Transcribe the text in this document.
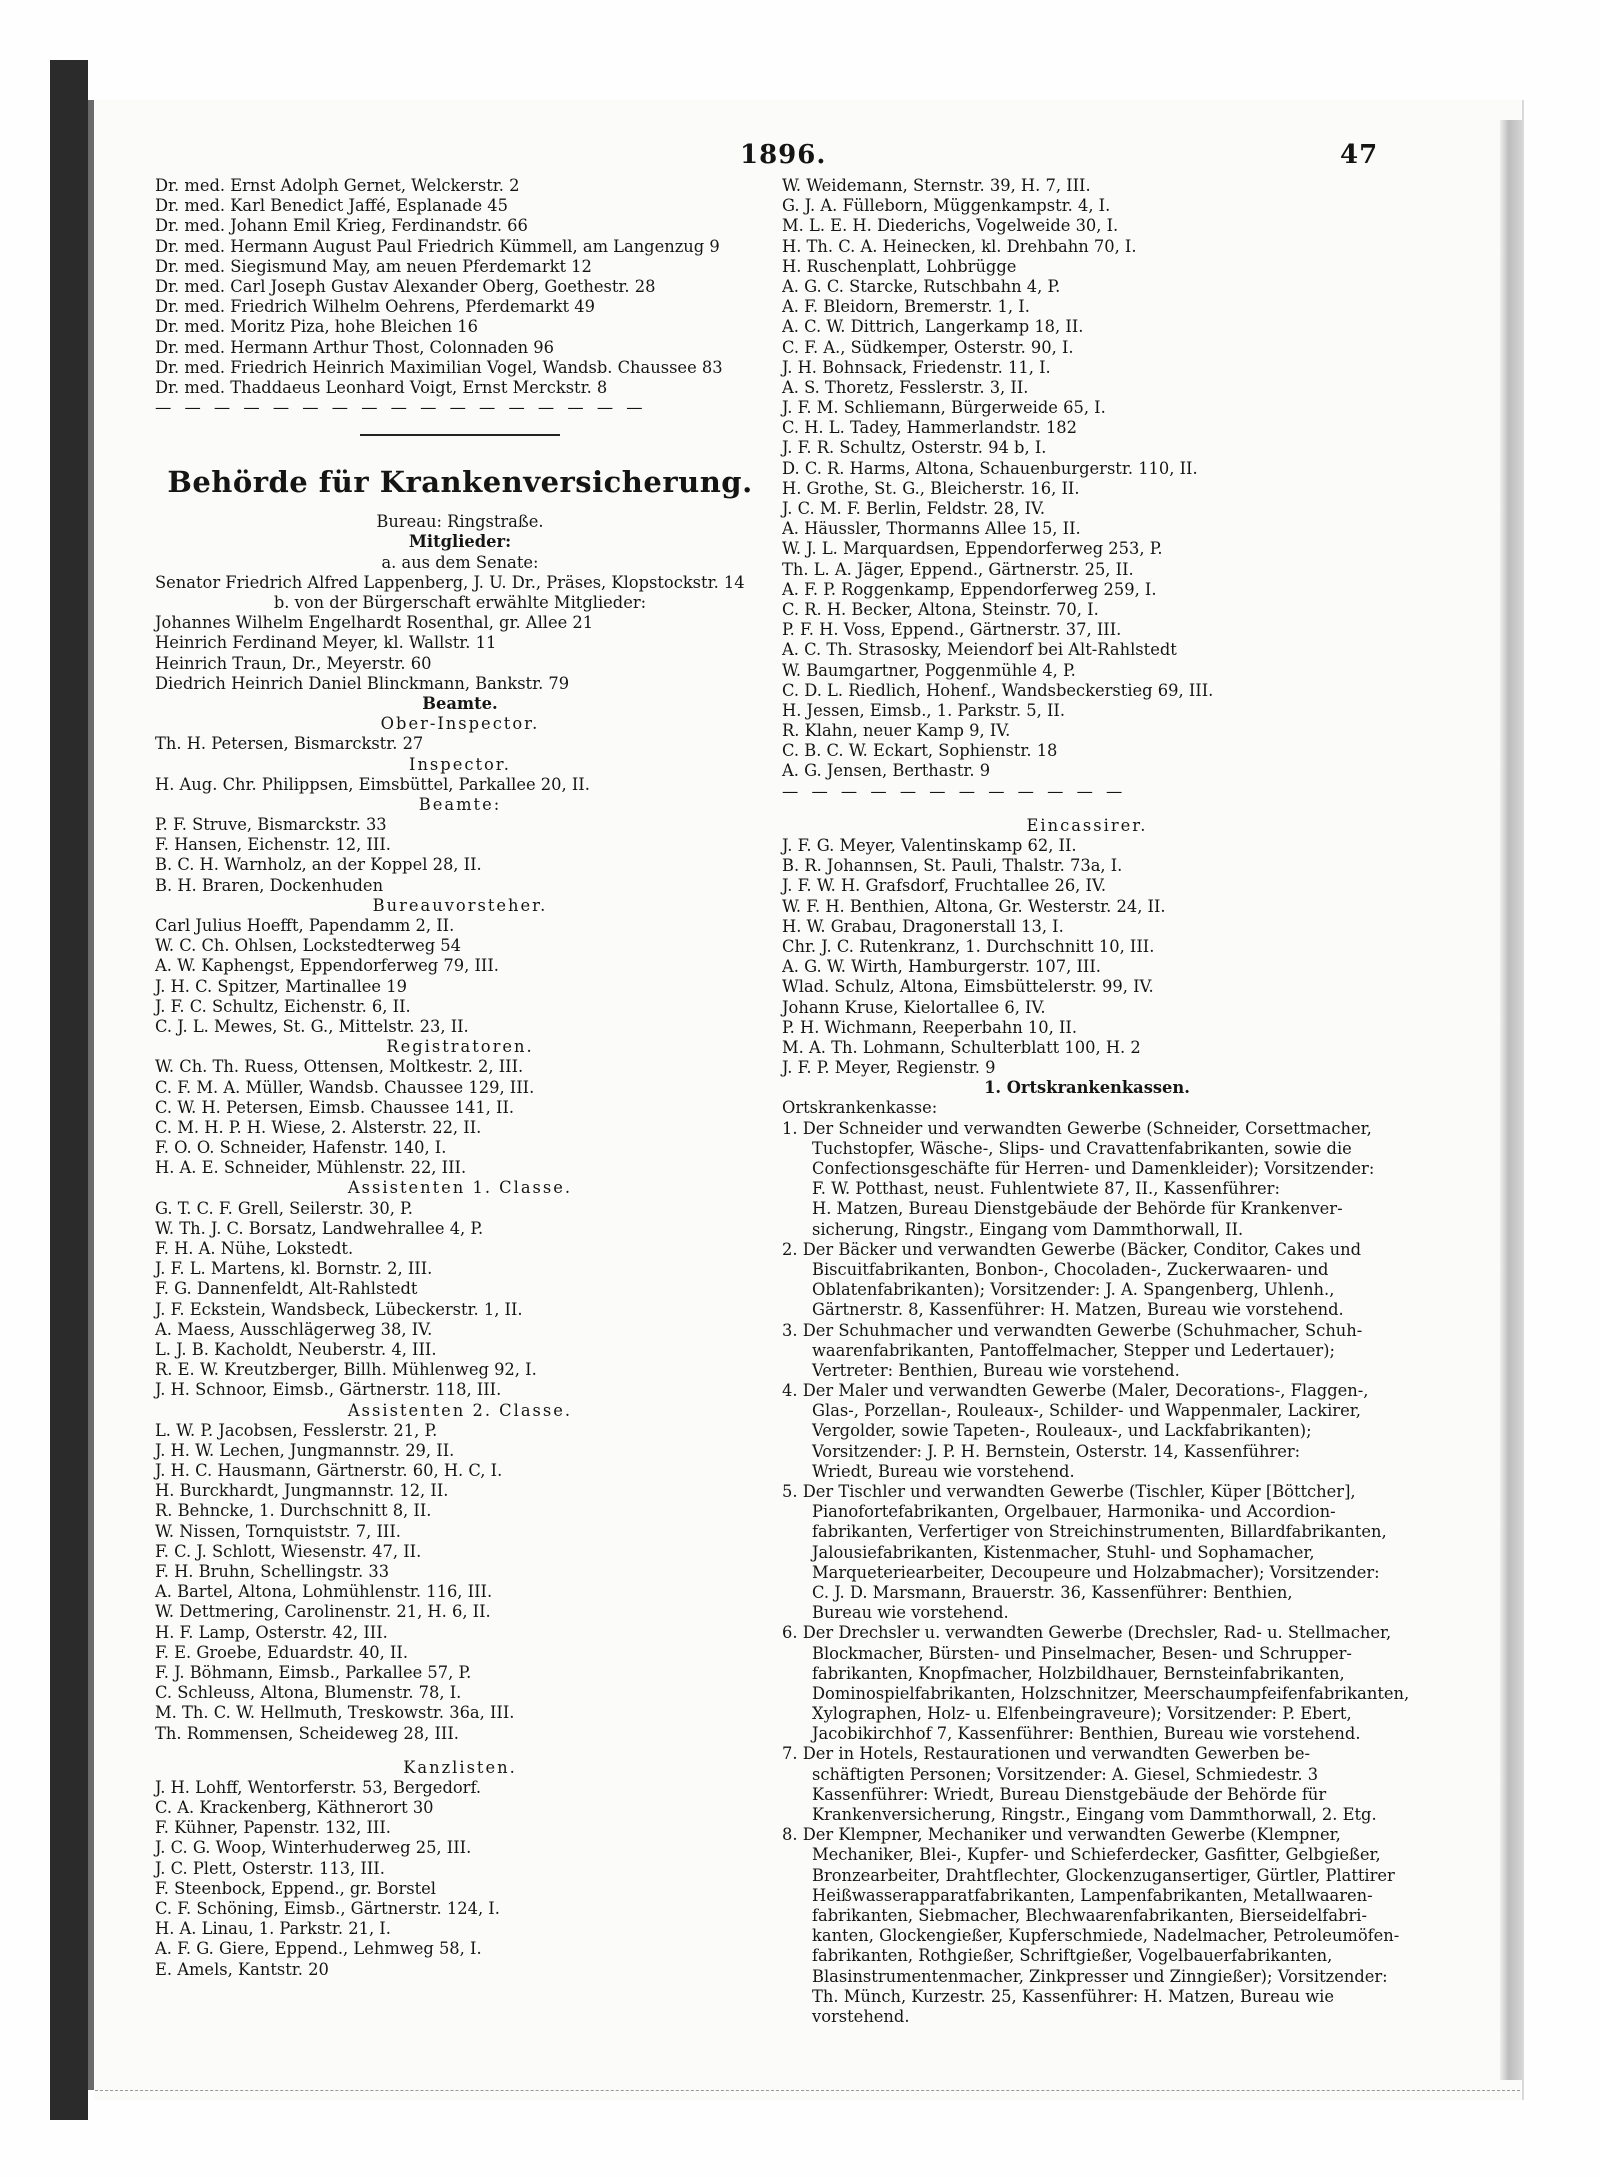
1896.	47
Dr. med. Ernst Adolph Gernet, Welckerstr. 2
Dr. med. Karl Benedict Jaffé, Esplanade 45
Dr. med. Johann Emil Krieg, Ferdinandstr. 66
Dr. med. Hermann August Paul Friedrich Kümmell, am Langenzug 9
Dr. med. Siegismund May, am neuen Pferdemarkt 12
Dr. med. Carl Joseph Gustav Alexander Oberg, Goethestr. 28
Dr. med. Friedrich Wilhelm Oehrens, Pferdemarkt 49
Dr. med. Moritz Piza, hohe Bleichen 16
Dr. med. Hermann Arthur Thost, Colonnaden 96
Dr. med. Friedrich Heinrich Maximilian Vogel, Wandsb. Chaussee 83
Dr. med. Thaddaeus Leonhard Voigt, Ernst Merckstr. 8
— — — — — — — — — — — — — — — — —
Behörde für Krankenversicherung.
Bureau: Ringstraße.
Mitglieder:
a. aus dem Senate:
Senator Friedrich Alfred Lappenberg, J. U. Dr., Präses, Klopstockstr. 14
b. von der Bürgerschaft erwählte Mitglieder:
Johannes Wilhelm Engelhardt Rosenthal, gr. Allee 21
Heinrich Ferdinand Meyer, kl. Wallstr. 11
Heinrich Traun, Dr., Meyerstr. 60
Diedrich Heinrich Daniel Blinckmann, Bankstr. 79
Beamte.
Ober-Inspector.
Th. H. Petersen, Bismarckstr. 27
Inspector.
H. Aug. Chr. Philippsen, Eimsbüttel, Parkallee 20, II.
Beamte:
P. F. Struve, Bismarckstr. 33
F. Hansen, Eichenstr. 12, III.
B. C. H. Warnholz, an der Koppel 28, II.
B. H. Braren, Dockenhuden
Bureauvorsteher.
Carl Julius Hoefft, Papendamm 2, II.
W. C. Ch. Ohlsen, Lockstedterweg 54
A. W. Kaphengst, Eppendorferweg 79, III.
J. H. C. Spitzer, Martinallee 19
J. F. C. Schultz, Eichenstr. 6, II.
C. J. L. Mewes, St. G., Mittelstr. 23, II.
Registratoren.
W. Ch. Th. Ruess, Ottensen, Moltkestr. 2, III.
C. F. M. A. Müller, Wandsb. Chaussee 129, III.
C. W. H. Petersen, Eimsb. Chaussee 141, II.
C. M. H. P. H. Wiese, 2. Alsterstr. 22, II.
F. O. O. Schneider, Hafenstr. 140, I.
H. A. E. Schneider, Mühlenstr. 22, III.
Assistenten 1. Classe.
G. T. C. F. Grell, Seilerstr. 30, P.
W. Th. J. C. Borsatz, Landwehrallee 4, P.
F. H. A. Nühe, Lokstedt.
J. F. L. Martens, kl. Bornstr. 2, III.
F. G. Dannenfeldt, Alt-Rahlstedt
J. F. Eckstein, Wandsbeck, Lübeckerstr. 1, II.
A. Maess, Ausschlägerweg 38, IV.
L. J. B. Kacholdt, Neuberstr. 4, III.
R. E. W. Kreutzberger, Billh. Mühlenweg 92, I.
J. H. Schnoor, Eimsb., Gärtnerstr. 118, III.
Assistenten 2. Classe.
L. W. P. Jacobsen, Fesslerstr. 21, P.
J. H. W. Lechen, Jungmannstr. 29, II.
J. H. C. Hausmann, Gärtnerstr. 60, H. C, I.
H. Burckhardt, Jungmannstr. 12, II.
R. Behncke, 1. Durchschnitt 8, II.
W. Nissen, Tornquiststr. 7, III.
F. C. J. Schlott, Wiesenstr. 47, II.
F. H. Bruhn, Schellingstr. 33
A. Bartel, Altona, Lohmühlenstr. 116, III.
W. Dettmering, Carolinenstr. 21, H. 6, II.
H. F. Lamp, Osterstr. 42, III.
F. E. Groebe, Eduardstr. 40, II.
F. J. Böhmann, Eimsb., Parkallee 57, P.
C. Schleuss, Altona, Blumenstr. 78, I.
M. Th. C. W. Hellmuth, Treskowstr. 36a, III.
Th. Rommensen, Scheideweg 28, III.
Kanzlisten.
J. H. Lohff, Wentorferstr. 53, Bergedorf.
C. A. Krackenberg, Käthnerort 30
F. Kühner, Papenstr. 132, III.
J. C. G. Woop, Winterhuderweg 25, III.
J. C. Plett, Osterstr. 113, III.
F. Steenbock, Eppend., gr. Borstel
C. F. Schöning, Eimsb., Gärtnerstr. 124, I.
H. A. Linau, 1. Parkstr. 21, I.
A. F. G. Giere, Eppend., Lehmweg 58, I.
E. Amels, Kantstr. 20
W. Weidemann, Sternstr. 39, H. 7, III.
G. J. A. Fülleborn, Müggenkampstr. 4, I.
M. L. E. H. Diederichs, Vogelweide 30, I.
H. Th. C. A. Heinecken, kl. Drehbahn 70, I.
H. Ruschenplatt, Lohbrügge
A. G. C. Starcke, Rutschbahn 4, P.
A. F. Bleidorn, Bremerstr. 1, I.
A. C. W. Dittrich, Langerkamp 18, II.
C. F. A., Südkemper, Osterstr. 90, I.
J. H. Bohnsack, Friedenstr. 11, I.
A. S. Thoretz, Fesslerstr. 3, II.
J. F. M. Schliemann, Bürgerweide 65, I.
C. H. L. Tadey, Hammerlandstr. 182
J. F. R. Schultz, Osterstr. 94 b, I.
D. C. R. Harms, Altona, Schauenburgerstr. 110, II.
H. Grothe, St. G., Bleicherstr. 16, II.
J. C. M. F. Berlin, Feldstr. 28, IV.
A. Häussler, Thormanns Allee 15, II.
W. J. L. Marquardsen, Eppendorferweg 253, P.
Th. L. A. Jäger, Eppend., Gärtnerstr. 25, II.
A. F. P. Roggenkamp, Eppendorferweg 259, I.
C. R. H. Becker, Altona, Steinstr. 70, I.
P. F. H. Voss, Eppend., Gärtnerstr. 37, III.
A. C. Th. Strasosky, Meiendorf bei Alt-Rahlstedt
W. Baumgartner, Poggenmühle 4, P.
C. D. L. Riedlich, Hohenf., Wandsbeckerstieg 69, III.
H. Jessen, Eimsb., 1. Parkstr. 5, II.
R. Klahn, neuer Kamp 9, IV.
C. B. C. W. Eckart, Sophienstr. 18
A. G. Jensen, Berthastr. 9
— — — — — — — — — — — —
Eincassirer.
J. F. G. Meyer, Valentinskamp 62, II.
B. R. Johannsen, St. Pauli, Thalstr. 73a, I.
J. F. W. H. Grafsdorf, Fruchtallee 26, IV.
W. F. H. Benthien, Altona, Gr. Westerstr. 24, II.
H. W. Grabau, Dragonerstall 13, I.
Chr. J. C. Rutenkranz, 1. Durchschnitt 10, III.
A. G. W. Wirth, Hamburgerstr. 107, III.
Wlad. Schulz, Altona, Eimsbüttelerstr. 99, IV.
Johann Kruse, Kielortallee 6, IV.
P. H. Wichmann, Reeperbahn 10, II.
M. A. Th. Lohmann, Schulterblatt 100, H. 2
J. F. P. Meyer, Regienstr. 9
1. Ortskrankenkassen.
Ortskrankenkasse:
1. Der Schneider und verwandten Gewerbe (Schneider, Corsettmacher,
Tuchstopfer, Wäsche-, Slips- und Cravattenfabrikanten, sowie die
Confectionsgeschäfte für Herren- und Damenkleider); Vorsitzender:
F. W. Potthast, neust. Fuhlentwiete 87, II., Kassenführer:
H. Matzen, Bureau Dienstgebäude der Behörde für Krankenver-
sicherung, Ringstr., Eingang vom Dammthorwall, II.
2. Der Bäcker und verwandten Gewerbe (Bäcker, Conditor, Cakes und
Biscuitfabrikanten, Bonbon-, Chocoladen-, Zuckerwaaren- und
Oblatenfabrikanten); Vorsitzender: J. A. Spangenberg, Uhlenh.,
Gärtnerstr. 8, Kassenführer: H. Matzen, Bureau wie vorstehend.
3. Der Schuhmacher und verwandten Gewerbe (Schuhmacher, Schuh-
waarenfabrikanten, Pantoffelmacher, Stepper und Ledertauer);
Vertreter: Benthien, Bureau wie vorstehend.
4. Der Maler und verwandten Gewerbe (Maler, Decorations-, Flaggen-,
Glas-, Porzellan-, Rouleaux-, Schilder- und Wappenmaler, Lackirer,
Vergolder, sowie Tapeten-, Rouleaux-, und Lackfabrikanten);
Vorsitzender: J. P. H. Bernstein, Osterstr. 14, Kassenführer:
Wriedt, Bureau wie vorstehend.
5. Der Tischler und verwandten Gewerbe (Tischler, Küper [Böttcher],
Pianofortefabrikanten, Orgelbauer, Harmonika- und Accordion-
fabrikanten, Verfertiger von Streichinstrumenten, Billardfabrikanten,
Jalousiefabrikanten, Kistenmacher, Stuhl- und Sophamacher,
Marqueteriearbeiter, Decoupeure und Holzabmacher); Vorsitzender:
C. J. D. Marsmann, Brauerstr. 36, Kassenführer: Benthien,
Bureau wie vorstehend.
6. Der Drechsler u. verwandten Gewerbe (Drechsler, Rad- u. Stellmacher,
Blockmacher, Bürsten- und Pinselmacher, Besen- und Schrupper-
fabrikanten, Knopfmacher, Holzbildhauer, Bernsteinfabrikanten,
Dominospielfabrikanten, Holzschnitzer, Meerschaumpfeifenfabrikanten,
Xylographen, Holz- u. Elfenbeingraveure); Vorsitzender: P. Ebert,
Jacobikirchhof 7, Kassenführer: Benthien, Bureau wie vorstehend.
7. Der in Hotels, Restaurationen und verwandten Gewerben be-
schäftigten Personen; Vorsitzender: A. Giesel, Schmiedestr. 3
Kassenführer: Wriedt, Bureau Dienstgebäude der Behörde für
Krankenversicherung, Ringstr., Eingang vom Dammthorwall, 2. Etg.
8. Der Klempner, Mechaniker und verwandten Gewerbe (Klempner,
Mechaniker, Blei-, Kupfer- und Schieferdecker, Gasfitter, Gelbgießer,
Bronzearbeiter, Drahtflechter, Glockenzugansertiger, Gürtler, Plattirer
Heißwasserapparatfabrikanten, Lampenfabrikanten, Metallwaaren-
fabrikanten, Siebmacher, Blechwaarenfabrikanten, Bierseidelfabri-
kanten, Glockengießer, Kupferschmiede, Nadelmacher, Petroleumöfen-
fabrikanten, Rothgießer, Schriftgießer, Vogelbauerfabrikanten,
Blasinstrumentenmacher, Zinkpresser und Zinngießer); Vorsitzender:
Th. Münch, Kurzestr. 25, Kassenführer: H. Matzen, Bureau wie
vorstehend.
